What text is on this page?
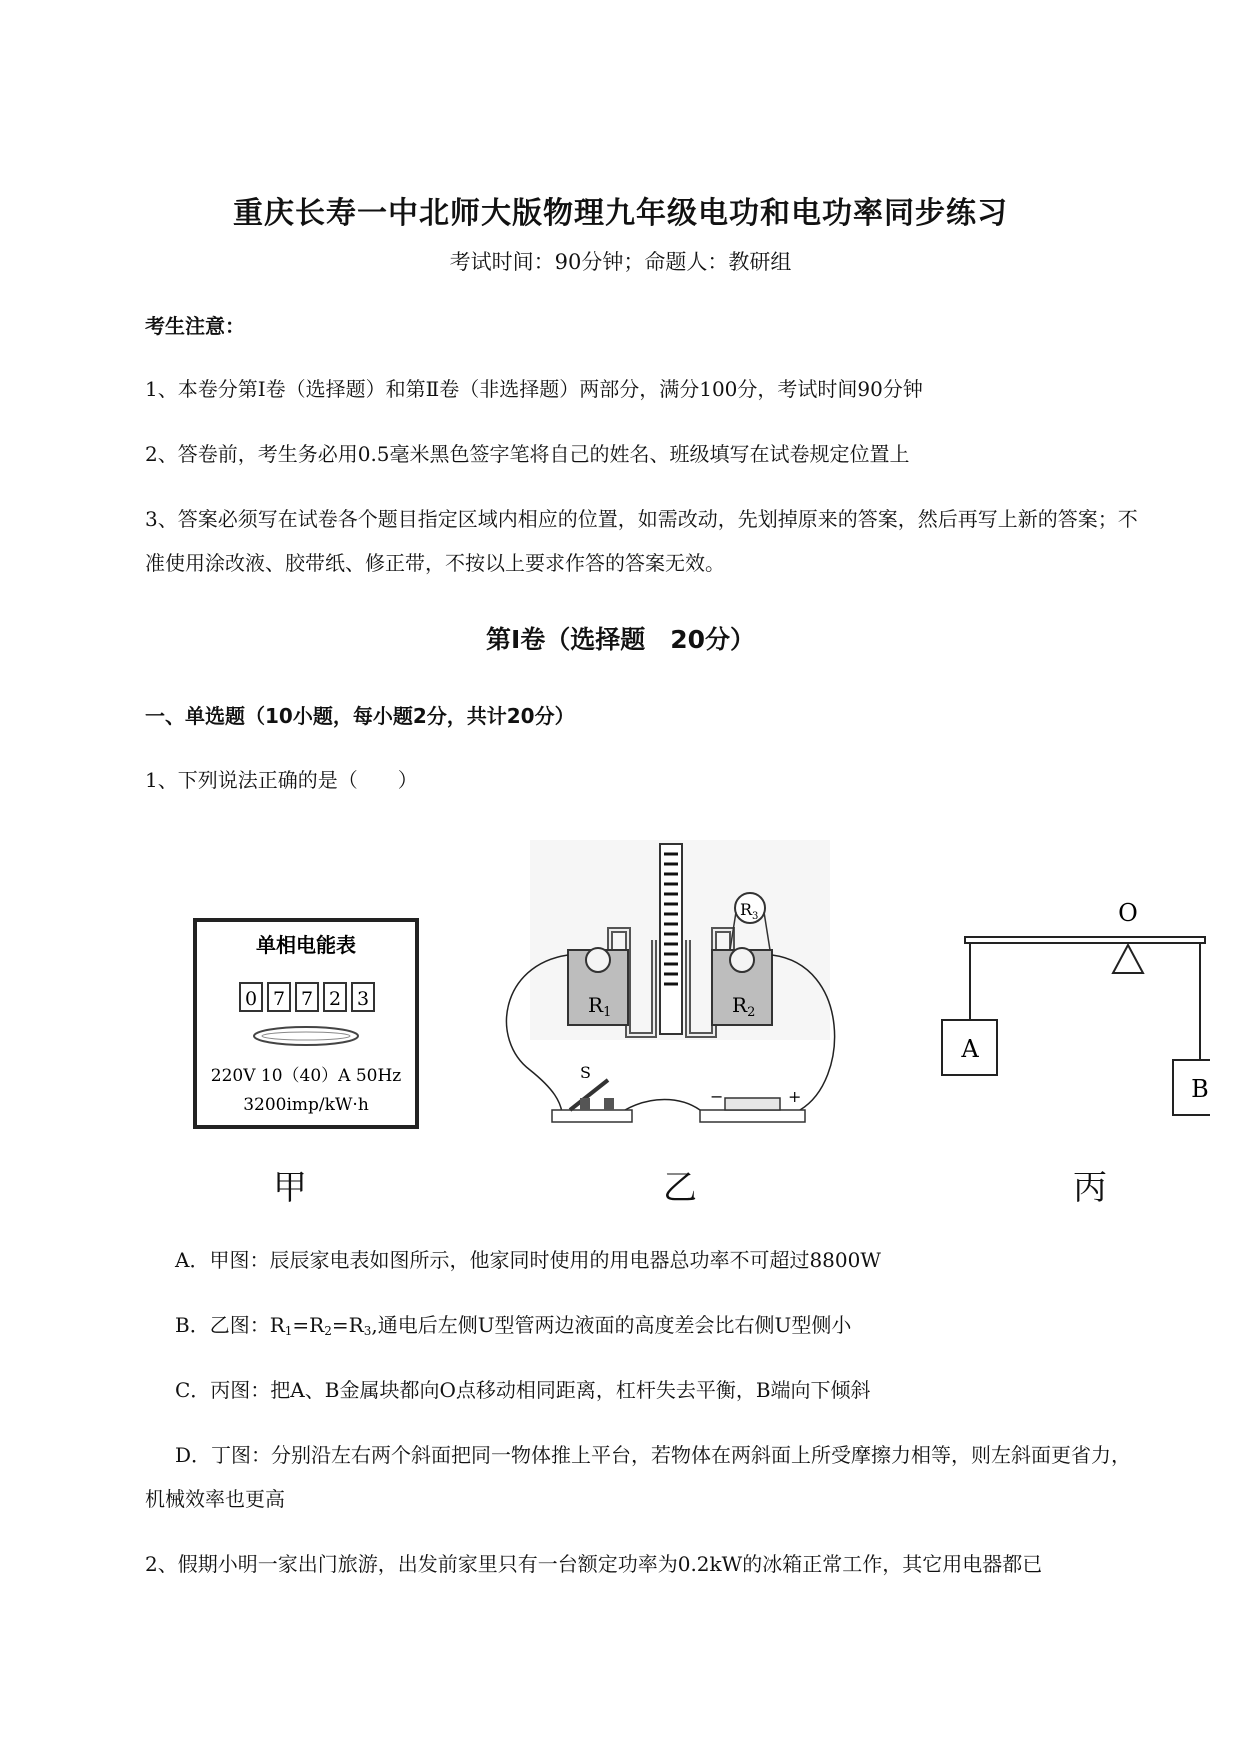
重庆长寿一中北师大版物理九年级电功和电功率同步练习
考试时间：90分钟；命题人：教研组
考生注意：
1、本卷分第I卷（选择题）和第Ⅱ卷（非选择题）两部分，满分100分，考试时间90分钟
2、答卷前，考生务必用0.5毫米黑色签字笔将自己的姓名、班级填写在试卷规定位置上
3、答案必须写在试卷各个题目指定区域内相应的位置，如需改动，先划掉原来的答案，然后再写上新的答案；不准使用涂改液、胶带纸、修正带，不按以上要求作答的答案无效。
第I卷（选择题　20分）
一、单选题（10小题，每小题2分，共计20分）
1、下列说法正确的是（　　）
单相电能表
0 7 7 2 3
220V 10（40）A 50Hz
3200imp/kW·h
$R_1$	$R_2$
$R_3$
S
−	+
O
A
B
甲	乙	丙
A．甲图：辰辰家电表如图所示，他家同时使用的用电器总功率不可超过8800W
B．乙图：$R_1=R_2=R_3$,通电后左侧U型管两边液面的高度差会比右侧U型侧小
C．丙图：把A、B金属块都向O点移动相同距离，杠杆失去平衡，B端向下倾斜
D．丁图：分别沿左右两个斜面把同一物体推上平台，若物体在两斜面上所受摩擦力相等，则左斜面更省力，机械效率也更高
2、假期小明一家出门旅游，出发前家里只有一台额定功率为0.2kW的冰箱正常工作，其它用电器都已
